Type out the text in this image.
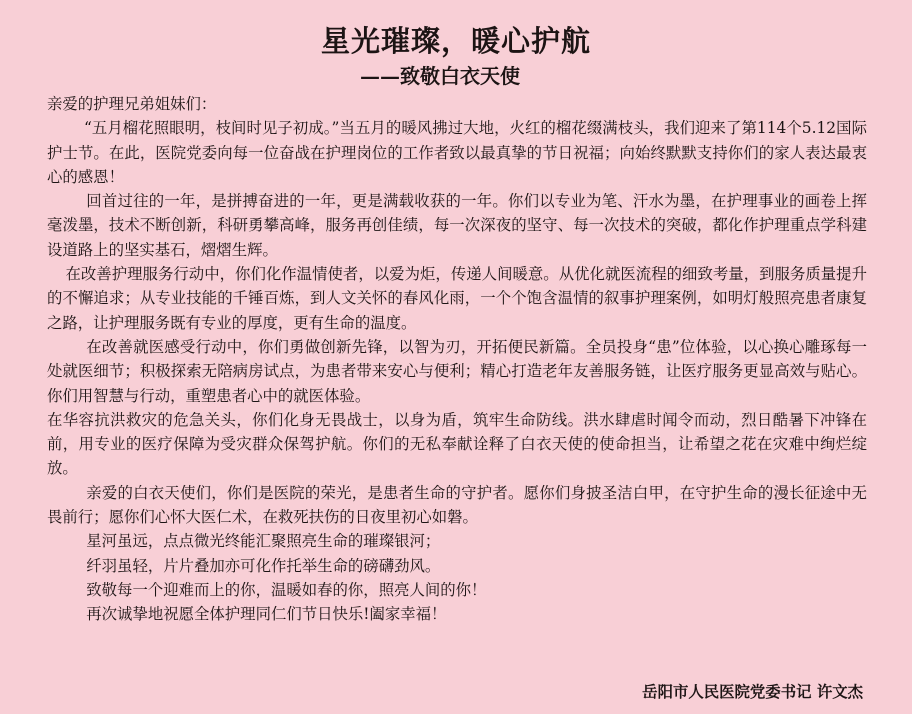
星光璀璨，暖心护航
——致敬白衣天使

亲爱的护理兄弟姐妹们：

“五月榴花照眼明，枝间时见子初成。”当五月的暖风拂过大地，火红的榴花缀满枝头，我们迎来了第114个5.12国际护士节。在此，医院党委向每一位奋战在护理岗位的工作者致以最真挚的节日祝福；向始终默默支持你们的家人表达最衷心的感恩！

回首过往的一年，是拼搏奋进的一年，更是满载收获的一年。你们以专业为笔、汗水为墨，在护理事业的画卷上挥毫泼墨，技术不断创新，科研勇攀高峰，服务再创佳绩，每一次深夜的坚守、每一次技术的突破，都化作护理重点学科建设道路上的坚实基石，熠熠生辉。

在改善护理服务行动中，你们化作温情使者，以爱为炬，传递人间暖意。从优化就医流程的细致考量，到服务质量提升的不懈追求；从专业技能的千锤百炼，到人文关怀的春风化雨，一个个饱含温情的叙事护理案例，如明灯般照亮患者康复之路，让护理服务既有专业的厚度，更有生命的温度。

在改善就医感受行动中，你们勇做创新先锋，以智为刃，开拓便民新篇。全员投身“患”位体验，以心换心雕琢每一处就医细节；积极探索无陪病房试点，为患者带来安心与便利；精心打造老年友善服务链，让医疗服务更显高效与贴心。你们用智慧与行动，重塑患者心中的就医体验。

在华容抗洪救灾的危急关头，你们化身无畏战士，以身为盾，筑牢生命防线。洪水肆虐时闻令而动，烈日酷暑下冲锋在前，用专业的医疗保障为受灾群众保驾护航。你们的无私奉献诠释了白衣天使的使命担当，让希望之花在灾难中绚烂绽放。

亲爱的白衣天使们，你们是医院的荣光，是患者生命的守护者。愿你们身披圣洁白甲，在守护生命的漫长征途中无畏前行；愿你们心怀大医仁术，在救死扶伤的日夜里初心如磐。

星河虽远，点点微光终能汇聚照亮生命的璀璨银河；

纤羽虽轻，片片叠加亦可化作托举生命的磅礴劲风。

致敬每一个迎难而上的你，温暖如春的你，照亮人间的你！

再次诚挚地祝愿全体护理同仁们节日快乐!阖家幸福！

岳阳市人民医院党委书记 许文杰
